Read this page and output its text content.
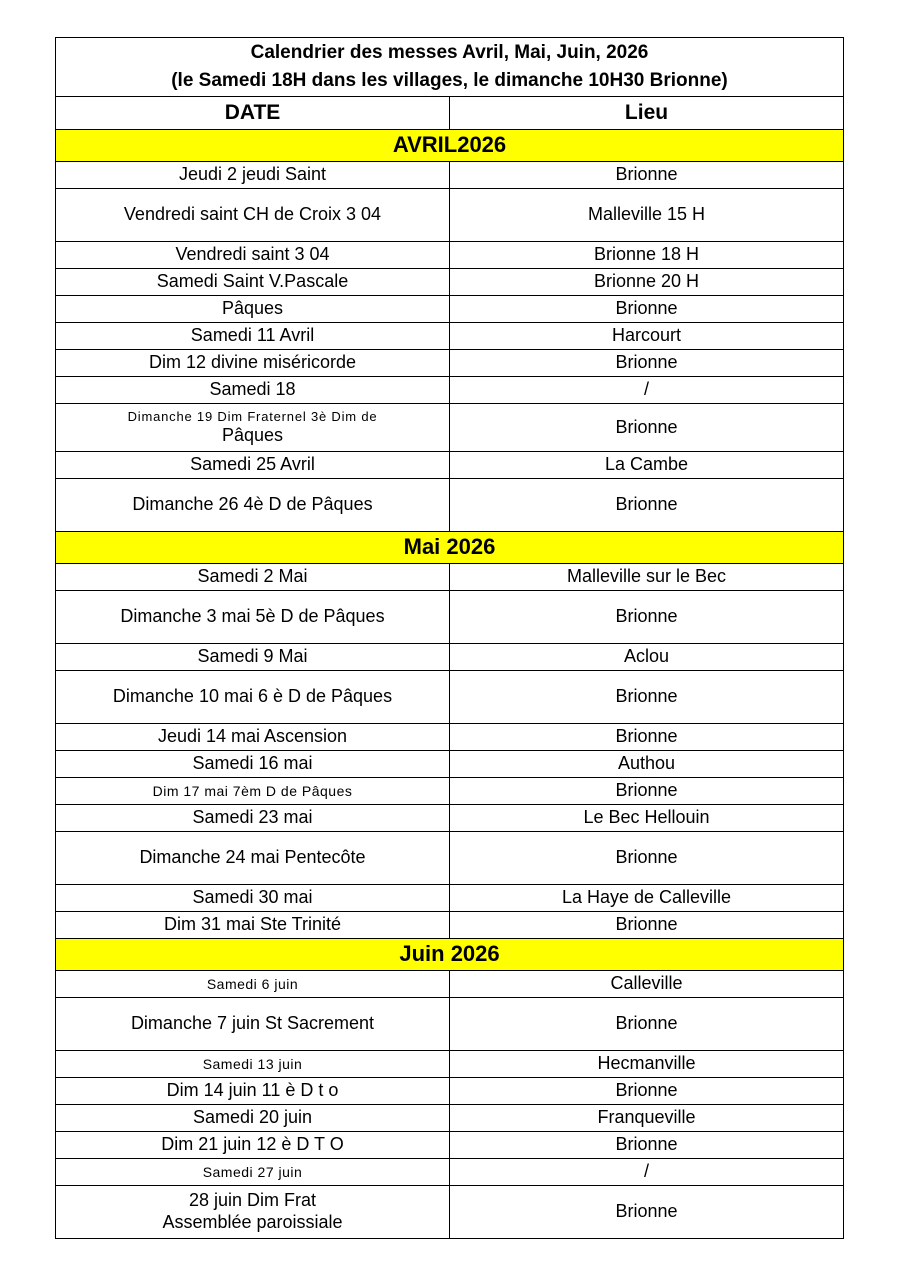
Calendrier des messes Avril, Mai, Juin, 2026
(le Samedi 18H dans les villages, le dimanche 10H30 Brionne)	

DATE	Lieu
AVRIL2026	
Jeudi 2 jeudi Saint	Brionne
Vendredi saint CH de Croix 3 04	Malleville 15 H
Vendredi saint 3 04	Brionne 18 H
Samedi Saint V.Pascale	Brionne 20 H
Pâques	Brionne
Samedi 11 Avril	Harcourt
Dim 12 divine miséricorde	Brionne
Samedi 18	/

Dimanche 19 Dim Fraternel 3è Dim de
Pâques	Brionne
Samedi 25 Avril	La Cambe
Dimanche 26 4è D de Pâques	Brionne
Mai 2026	
Samedi 2 Mai	Malleville sur le Bec
Dimanche 3 mai 5è D de Pâques	Brionne
Samedi 9 Mai	Aclou
Dimanche 10 mai 6 è D de Pâques	Brionne
Jeudi 14 mai Ascension	Brionne
Samedi 16 mai	Authou
Dim 17 mai 7èm D de Pâques	Brionne
Samedi 23 mai	Le Bec Hellouin
Dimanche 24 mai Pentecôte	Brionne
Samedi 30 mai	La Haye de Calleville
Dim 31 mai Ste Trinité	Brionne
Juin 2026	
Samedi 6 juin	Calleville
Dimanche 7 juin St Sacrement	Brionne
Samedi 13 juin	Hecmanville
Dim 14 juin 11 è D t o	Brionne
Samedi 20 juin	Franqueville
Dim 21 juin 12 è D T O	Brionne
Samedi 27 juin	/

28 juin Dim Frat
Assemblée paroissiale	Brionne
